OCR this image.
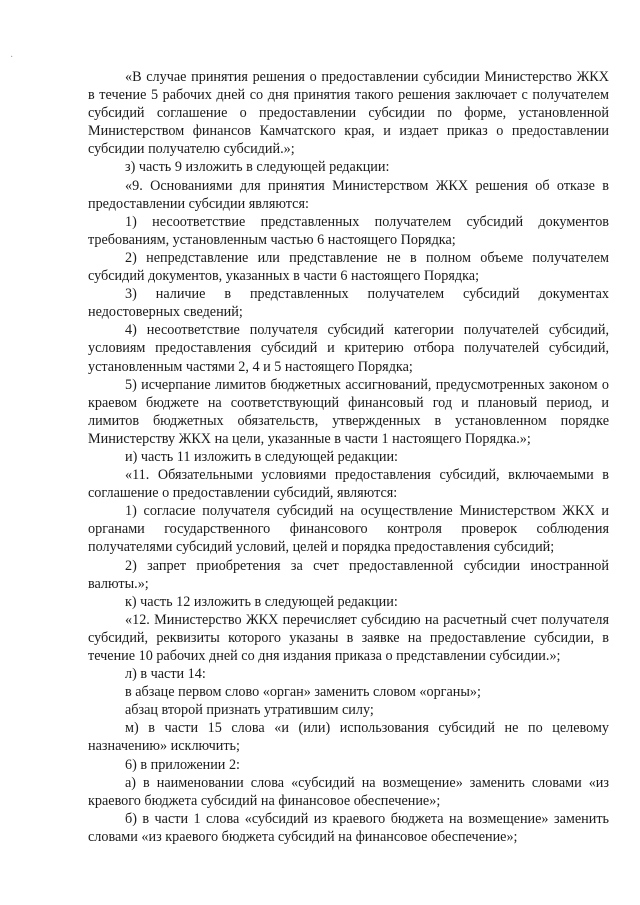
·

«В случае принятия решения о предоставлении субсидии Министерство ЖКХ в течение 5 рабочих дней со дня принятия такого решения заключает с получателем субсидий соглашение о предоставлении субсидии по форме, установленной Министерством финансов Камчатского края, и издает приказ о предоставлении субсидии получателю субсидий.»;

з) часть 9 изложить в следующей редакции:

«9. Основаниями для принятия Министерством ЖКХ решения об отказе в предоставлении субсидии являются:

1) несоответствие представленных получателем субсидий документов требованиям, установленным частью 6 настоящего Порядка;

2) непредставление или представление не в полном объеме получателем субсидий документов, указанных в части 6 настоящего Порядка;

3) наличие в представленных получателем субсидий документах недостоверных сведений;

4) несоответствие получателя субсидий категории получателей субсидий, условиям предоставления субсидий и критерию отбора получателей субсидий, установленным частями 2, 4 и 5 настоящего Порядка;

5) исчерпание лимитов бюджетных ассигнований, предусмотренных законом о краевом бюджете на соответствующий финансовый год и плановый период, и лимитов бюджетных обязательств, утвержденных в установленном порядке Министерству ЖКХ на цели, указанные в части 1 настоящего Порядка.»;

и) часть 11 изложить в следующей редакции:

«11. Обязательными условиями предоставления субсидий, включаемыми в соглашение о предоставлении субсидий, являются:

1) согласие получателя субсидий на осуществление Министерством ЖКХ и органами государственного финансового контроля проверок соблюдения получателями субсидий условий, целей и порядка предоставления субсидий;

2) запрет приобретения за счет предоставленной субсидии иностранной валюты.»;

к) часть 12 изложить в следующей редакции:

«12. Министерство ЖКХ перечисляет субсидию на расчетный счет получателя субсидий, реквизиты которого указаны в заявке на предоставление субсидии, в течение 10 рабочих дней со дня издания приказа о представлении субсидии.»;

л) в части 14:

в абзаце первом слово «орган» заменить словом «органы»;

абзац второй признать утратившим силу;

м) в части 15 слова «и (или) использования субсидий не по целевому назначению» исключить;

6) в приложении 2:

а) в наименовании слова «субсидий на возмещение» заменить словами «из краевого бюджета субсидий на финансовое обеспечение»;

б) в части 1 слова «субсидий из краевого бюджета на возмещение» заменить словами «из краевого бюджета субсидий на финансовое обеспечение»;
